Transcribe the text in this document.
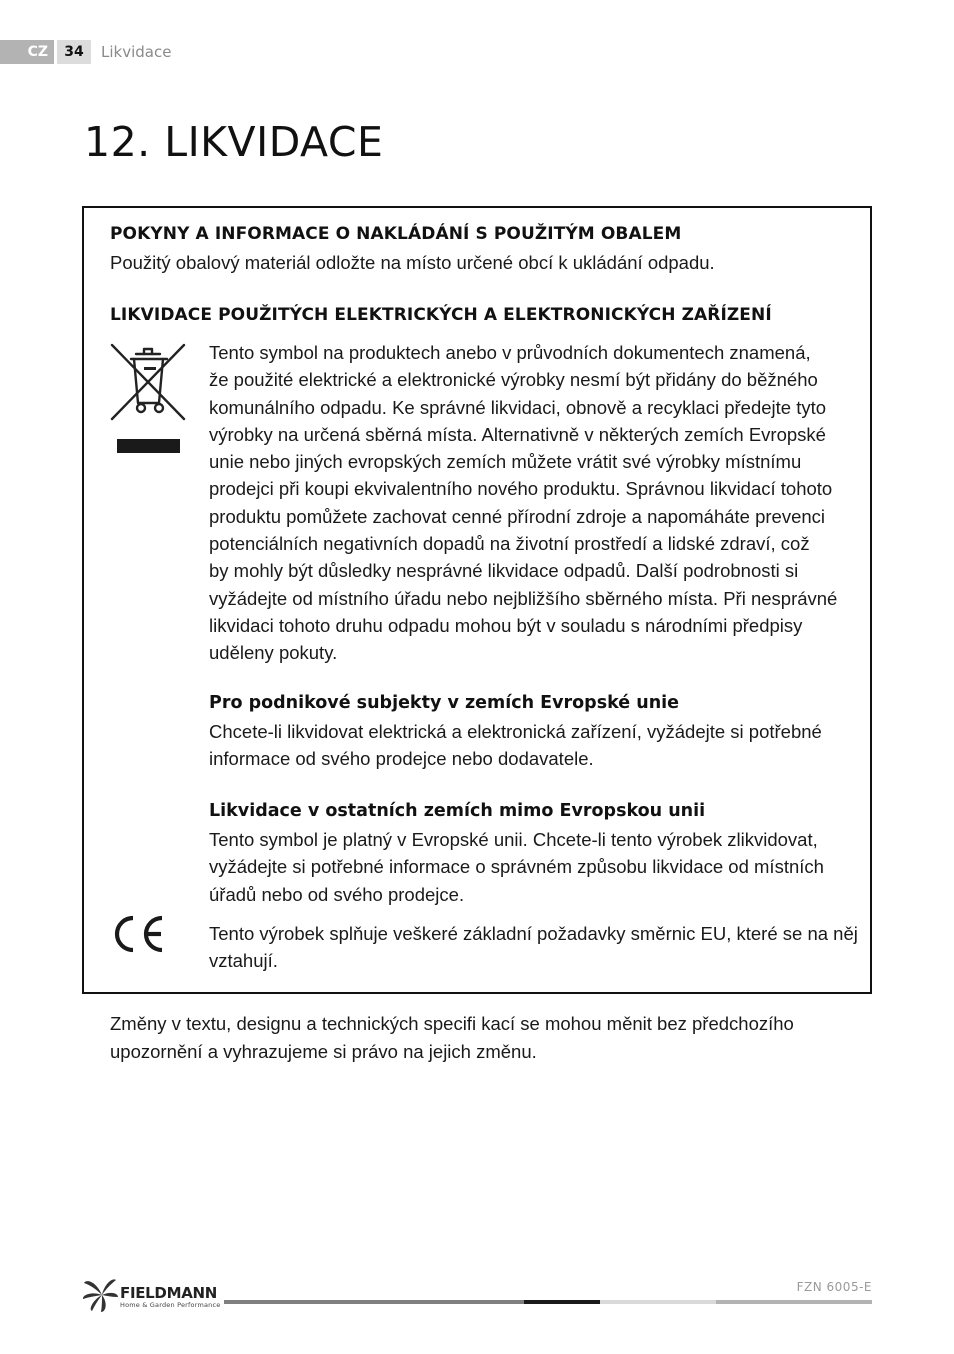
CZ	34	Likvidace
12. LIKVIDACE
POKYNY A INFORMACE O NAKLÁDÁNÍ S POUŽITÝM OBALEM
Použitý obalový materiál odložte na místo určené obcí k ukládání odpadu.
LIKVIDACE POUŽITÝCH ELEKTRICKÝCH A ELEKTRONICKÝCH ZAŘÍZENÍ
Tento symbol na produktech anebo v průvodních dokumentech znamená,
že použité elektrické a elektronické výrobky nesmí být přidány do běžného
komunálního odpadu. Ke správné likvidaci, obnově a recyklaci předejte tyto
výrobky na určená sběrná místa. Alternativně v některých zemích Evropské
unie nebo jiných evropských zemích můžete vrátit své výrobky místnímu
prodejci při koupi ekvivalentního nového produktu. Správnou likvidací tohoto
produktu pomůžete zachovat cenné přírodní zdroje a napomáháte prevenci
potenciálních negativních dopadů na životní prostředí a lidské zdraví, což
by mohly být důsledky nesprávné likvidace odpadů. Další podrobnosti si
vyžádejte od místního úřadu nebo nejbližšího sběrného místa. Při nesprávné
likvidaci tohoto druhu odpadu mohou být v souladu s národními předpisy
uděleny pokuty.
Pro podnikové subjekty v zemích Evropské unie
Chcete-li likvidovat elektrická a elektronická zařízení, vyžádejte si potřebné
informace od svého prodejce nebo dodavatele.
Likvidace v ostatních zemích mimo Evropskou unii
Tento symbol je platný v Evropské unii. Chcete-li tento výrobek zlikvidovat,
vyžádejte si potřebné informace o správném způsobu likvidace od místních
úřadů nebo od svého prodejce.
Tento výrobek splňuje veškeré základní požadavky směrnic EU, které se na něj
vztahují.
Změny v textu, designu a technických specifi kací se mohou měnit bez předchozího
upozornění a vyhrazujeme si právo na jejich změnu.
FIELDMANN
Home & Garden Performance
FZN 6005-E
